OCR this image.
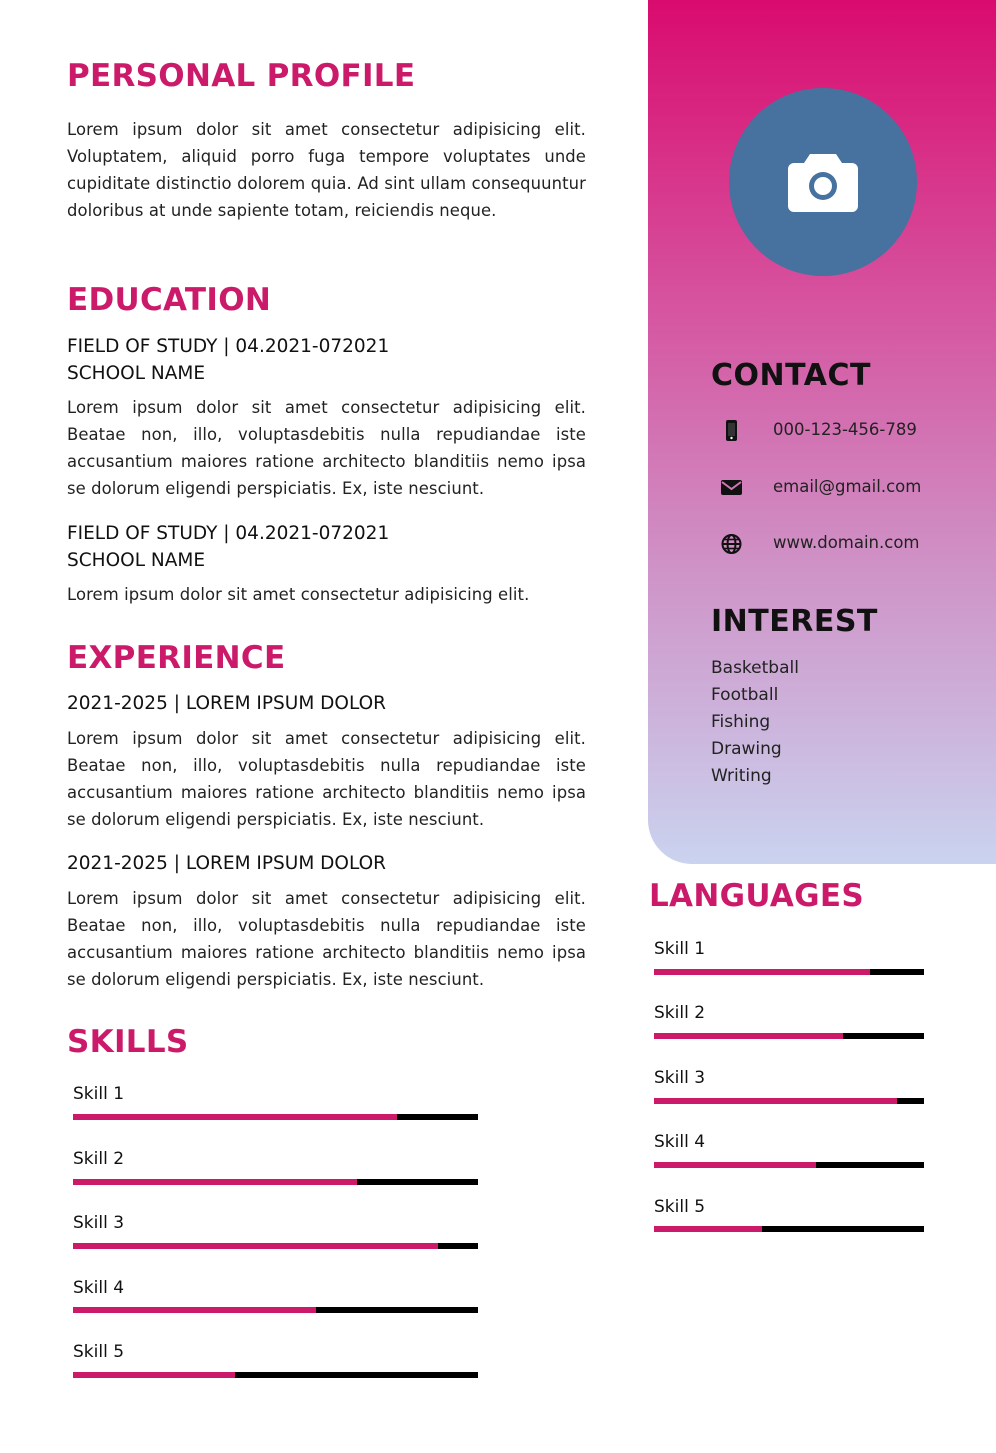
PERSONAL PROFILE

Lorem ipsum dolor sit amet consectetur adipisicing elit. Voluptatem, aliquid porro fuga tempore voluptates unde cupiditate distinctio dolorem quia. Ad sint ullam consequuntur doloribus at unde sapiente totam, reiciendis neque.

EDUCATION
FIELD OF STUDY | 04.2021-072021
SCHOOL NAME

Lorem ipsum dolor sit amet consectetur adipisicing elit. Beatae non, illo, voluptasdebitis nulla repudiandae iste accusantium maiores ratione architecto blanditiis nemo ipsa se dolorum eligendi perspiciatis. Ex, iste nesciunt.

FIELD OF STUDY | 04.2021-072021
SCHOOL NAME

Lorem ipsum dolor sit amet consectetur adipisicing elit.

EXPERIENCE
2021-2025 | LOREM IPSUM DOLOR

Lorem ipsum dolor sit amet consectetur adipisicing elit. Beatae non, illo, voluptasdebitis nulla repudiandae iste accusantium maiores ratione architecto blanditiis nemo ipsa se dolorum eligendi perspiciatis. Ex, iste nesciunt.

2021-2025 | LOREM IPSUM DOLOR

Lorem ipsum dolor sit amet consectetur adipisicing elit. Beatae non, illo, voluptasdebitis nulla repudiandae iste accusantium maiores ratione architecto blanditiis nemo ipsa se dolorum eligendi perspiciatis. Ex, iste nesciunt.

SKILLS
Skill 1
Skill 2
Skill 3
Skill 4
Skill 5
CONTACT
000-123-456-789
email@gmail.com
www.domain.com
INTEREST
Basketball
Football
Fishing
Drawing
Writing
LANGUAGES
Skill 1
Skill 2
Skill 3
Skill 4
Skill 5
